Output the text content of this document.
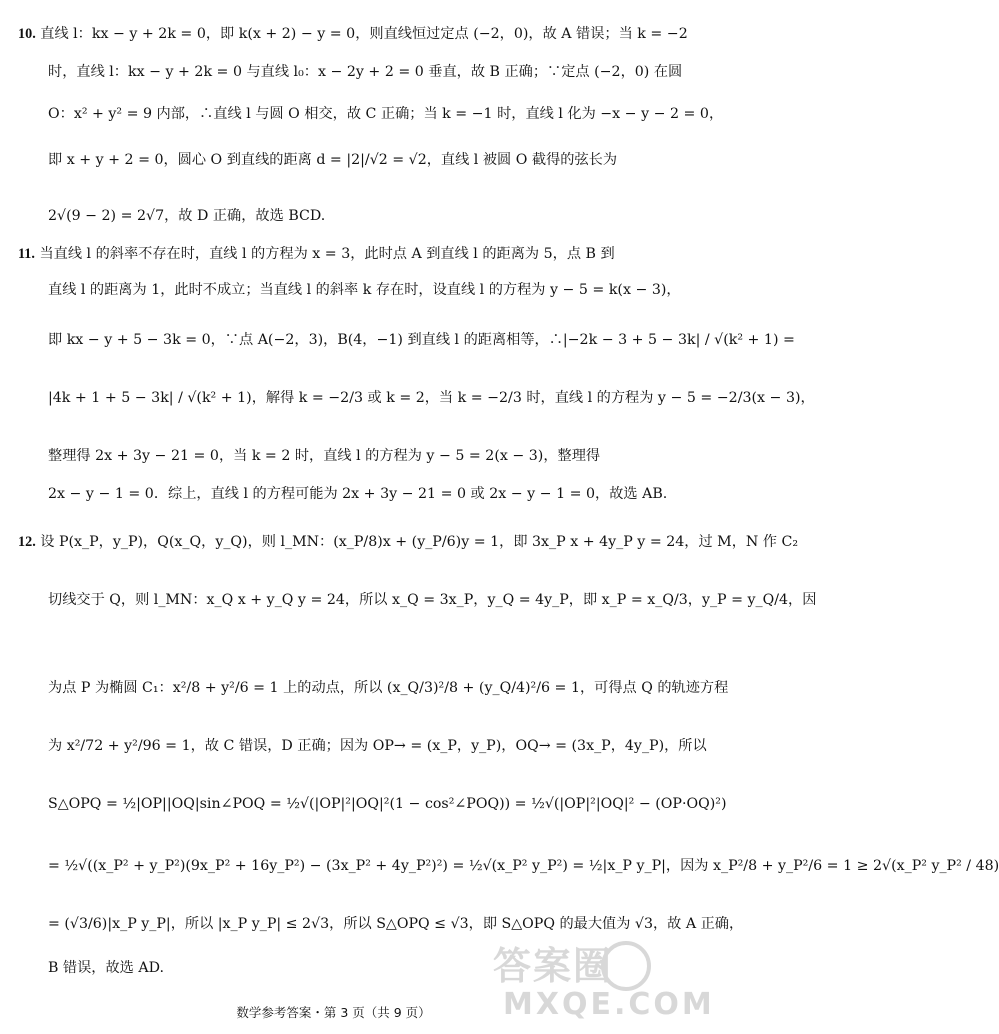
10. 直线 l：kx − y + 2k = 0，即 k(x + 2) − y = 0，则直线恒过定点 (−2，0)，故 A 错误；当 k = −2
时，直线 l：kx − y + 2k = 0 与直线 l₀：x − 2y + 2 = 0 垂直，故 B 正确；∵定点 (−2，0) 在圆
O：x² + y² = 9 内部，∴直线 l 与圆 O 相交，故 C 正确；当 k = −1 时，直线 l 化为 −x − y − 2 = 0，
即 x + y + 2 = 0，圆心 O 到直线的距离 d = |2|/√2 = √2，直线 l 被圆 O 截得的弦长为
2√(9 − 2) = 2√7，故 D 正确，故选 BCD.
11. 当直线 l 的斜率不存在时，直线 l 的方程为 x = 3，此时点 A 到直线 l 的距离为 5，点 B 到
直线 l 的距离为 1，此时不成立；当直线 l 的斜率 k 存在时，设直线 l 的方程为 y − 5 = k(x − 3)，
即 kx − y + 5 − 3k = 0，∵点 A(−2，3)，B(4，−1) 到直线 l 的距离相等，∴|−2k − 3 + 5 − 3k| / √(k² + 1) =
|4k + 1 + 5 − 3k| / √(k² + 1)，解得 k = −2/3 或 k = 2，当 k = −2/3 时，直线 l 的方程为 y − 5 = −2/3(x − 3)，
整理得 2x + 3y − 21 = 0，当 k = 2 时，直线 l 的方程为 y − 5 = 2(x − 3)，整理得
2x − y − 1 = 0．综上，直线 l 的方程可能为 2x + 3y − 21 = 0 或 2x − y − 1 = 0，故选 AB.
12. 设 P(x_P，y_P)，Q(x_Q，y_Q)，则 l_MN：(x_P/8)x + (y_P/6)y = 1，即 3x_P x + 4y_P y = 24，过 M，N 作 C₂
切线交于 Q，则 l_MN：x_Q x + y_Q y = 24，所以 x_Q = 3x_P，y_Q = 4y_P，即 x_P = x_Q/3，y_P = y_Q/4，因
为点 P 为椭圆 C₁：x²/8 + y²/6 = 1 上的动点，所以 (x_Q/3)²/8 + (y_Q/4)²/6 = 1，可得点 Q 的轨迹方程
为 x²/72 + y²/96 = 1，故 C 错误，D 正确；因为 OP→ = (x_P，y_P)，OQ→ = (3x_P，4y_P)，所以
S△OPQ = ½|OP||OQ|sin∠POQ = ½√(|OP|²|OQ|²(1 − cos²∠POQ)) = ½√(|OP|²|OQ|² − (OP·OQ)²)
= ½√((x_P² + y_P²)(9x_P² + 16y_P²) − (3x_P² + 4y_P²)²) = ½√(x_P² y_P²) = ½|x_P y_P|，因为 x_P²/8 + y_P²/6 = 1 ≥ 2√(x_P² y_P² / 48)
= (√3/6)|x_P y_P|，所以 |x_P y_P| ≤ 2√3，所以 S△OPQ ≤ √3，即 S△OPQ 的最大值为 √3，故 A 正确，
B 错误，故选 AD.
数学参考答案・第 3 页（共 9 页）
答案圈
MXQE.COM
